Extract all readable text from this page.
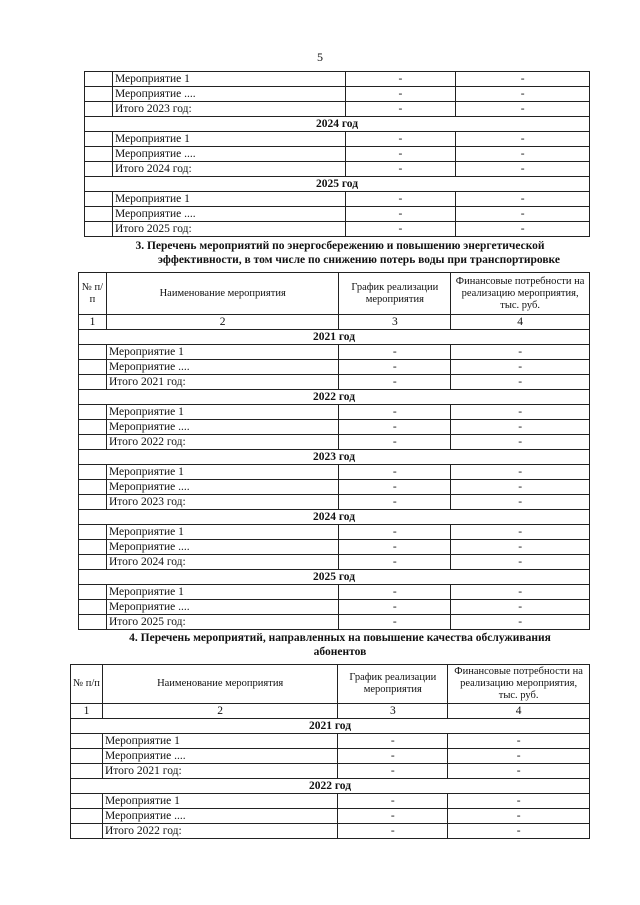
5
	Мероприятие 1	-	-
	Мероприятие ....	-	-
	Итого 2023 год:	-	-
2024 год			
	Мероприятие 1	-	-
	Мероприятие ....	-	-
	Итого 2024 год:	-	-
2025 год			
	Мероприятие 1	-	-
	Мероприятие ....	-	-
	Итого 2025 год:	-	-
3. Перечень мероприятий по энергосбережению и повышению энергетической
эффективности, в том числе по снижению потерь воды при транспортировке
№ п/п	Наименование мероприятия	График реализации мероприятия	Финансовые потребности на реализацию мероприятия, тыс. руб.
1	2	3	4
2021 год			
	Мероприятие 1	-	-
	Мероприятие ....	-	-
	Итого 2021 год:	-	-
2022 год			
	Мероприятие 1	-	-
	Мероприятие ....	-	-
	Итого 2022 год:	-	-
2023 год			
	Мероприятие 1	-	-
	Мероприятие ....	-	-
	Итого 2023 год:	-	-
2024 год			
	Мероприятие 1	-	-
	Мероприятие ....	-	-
	Итого 2024 год:	-	-
2025 год			
	Мероприятие 1	-	-
	Мероприятие ....	-	-
	Итого 2025 год:	-	-
4. Перечень мероприятий, направленных на повышение качества обслуживания
абонентов
№ п/п	Наименование мероприятия	График реализации мероприятия	Финансовые потребности на реализацию мероприятия, тыс. руб.
1	2	3	4
2021 год			
	Мероприятие 1	-	-
	Мероприятие ....	-	-
	Итого 2021 год:	-	-
2022 год			
	Мероприятие 1	-	-
	Мероприятие ....	-	-
	Итого 2022 год:	-	-
